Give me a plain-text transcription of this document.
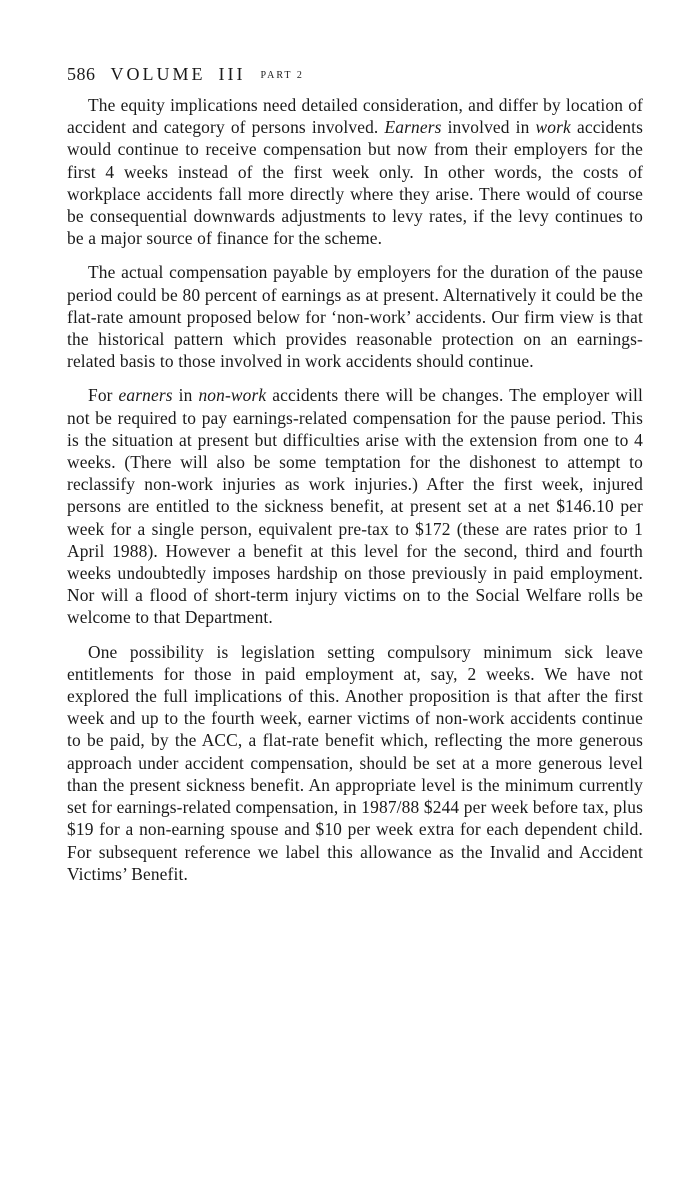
586 VOLUME III PART 2

The equity implications need detailed consideration, and differ by location of accident and category of persons involved. Earners involved in work accidents would continue to receive compensation but now from their employers for the first 4 weeks instead of the first week only. In other words, the costs of workplace accidents fall more directly where they arise. There would of course be consequential downwards adjustments to levy rates, if the levy continues to be a major source of finance for the scheme.

The actual compensation payable by employers for the duration of the pause period could be 80 percent of earnings as at present. Alternatively it could be the flat-rate amount proposed below for ‘non-work’ accidents. Our firm view is that the historical pattern which provides reasonable protection on an earnings-related basis to those involved in work accidents should continue.

For earners in non-work accidents there will be changes. The employer will not be required to pay earnings-related compensation for the pause period. This is the situation at present but difficulties arise with the extension from one to 4 weeks. (There will also be some temptation for the dishonest to attempt to reclassify non-work injuries as work injuries.) After the first week, injured persons are entitled to the sickness benefit, at present set at a net $146.10 per week for a single person, equivalent pre-tax to $172 (these are rates prior to 1 April 1988). However a benefit at this level for the second, third and fourth weeks undoubtedly imposes hardship on those previously in paid employment. Nor will a flood of short-term injury victims on to the Social Welfare rolls be welcome to that Department.

One possibility is legislation setting compulsory minimum sick leave entitlements for those in paid employment at, say, 2 weeks. We have not explored the full implications of this. Another proposition is that after the first week and up to the fourth week, earner victims of non-work accidents continue to be paid, by the ACC, a flat-rate benefit which, reflecting the more generous approach under accident compensation, should be set at a more generous level than the present sickness benefit. An appropriate level is the minimum currently set for earnings-related compensation, in 1987/88 $244 per week before tax, plus $19 for a non-earning spouse and $10 per week extra for each dependent child. For subsequent reference we label this allowance as the Invalid and Accident Victims’ Benefit.
